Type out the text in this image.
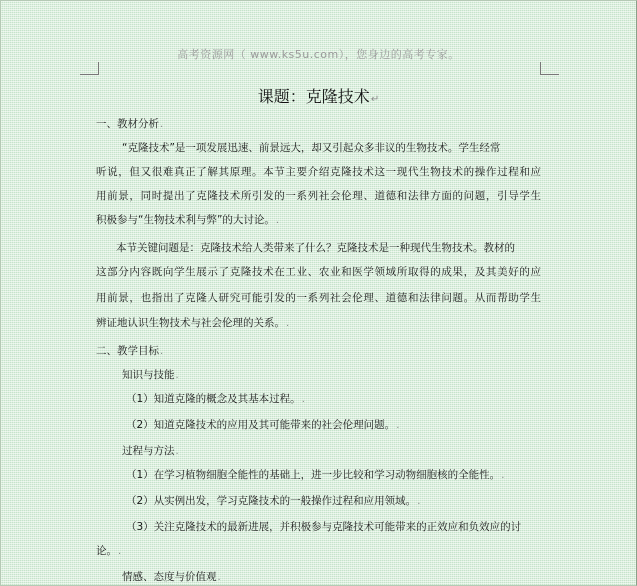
高考资源网（ www.ks5u.com），您身边的高考专家。
课题：克隆技术↵
一、教材分析.
“克隆技术”是一项发展迅速、前景远大，却又引起众多非议的生物技术。学生经常
听说，但又很难真正了解其原理。本节主要介绍克隆技术这一现代生物技术的操作过程和应
用前景，同时提出了克隆技术所引发的一系列社会伦理、道德和法律方面的问题，引导学生
积极参与“生物技术利与弊”的大讨论。.
本节关键问题是：克隆技术给人类带来了什么？克隆技术是一种现代生物技术。教材的
这部分内容既向学生展示了克隆技术在工业、农业和医学领域所取得的成果，及其美好的应
用前景，也指出了克隆人研究可能引发的一系列社会伦理、道德和法律问题。从而帮助学生
辨证地认识生物技术与社会伦理的关系。.
二、教学目标.
知识与技能.
（1）知道克隆的概念及其基本过程。.
（2）知道克隆技术的应用及其可能带来的社会伦理问题。.
过程与方法.
（1）在学习植物细胞全能性的基础上，进一步比较和学习动物细胞核的全能性。.
（2）从实例出发，学习克隆技术的一般操作过程和应用领域。.
（3）关注克隆技术的最新进展，并积极参与克隆技术可能带来的正效应和负效应的讨
论。.
情感、态度与价值观.
